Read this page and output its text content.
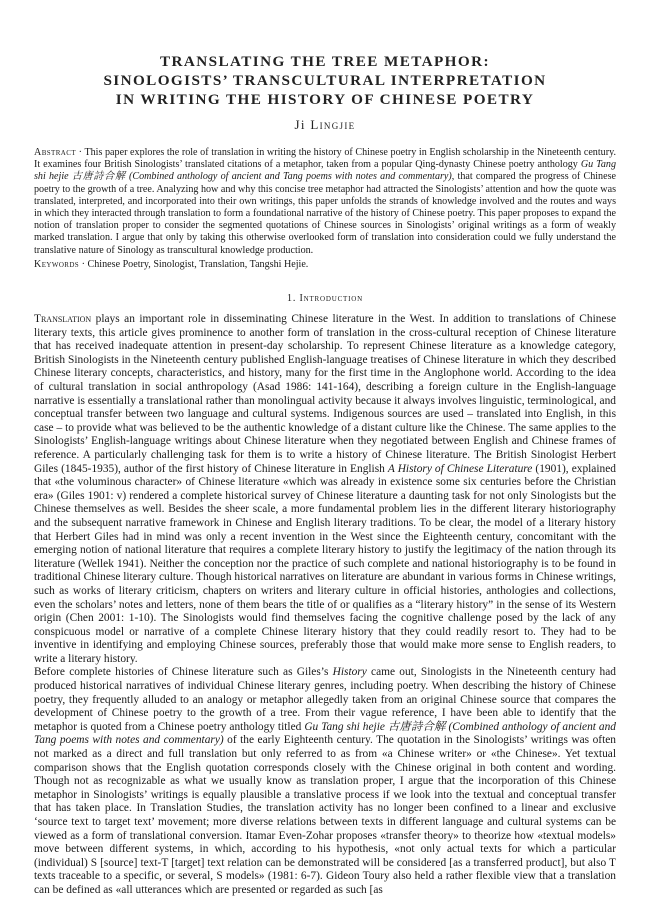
TRANSLATING THE TREE METAPHOR:
SINOLOGISTS’ TRANSCULTURAL INTERPRETATION
IN WRITING THE HISTORY OF CHINESE POETRY
Ji Lingjie

Abstract · This paper explores the role of translation in writing the history of Chinese poetry in English scholarship in the Nineteenth century. It examines four British Sinologists’ translated citations of a metaphor, taken from a popular Qing-dynasty Chinese poetry anthology Gu Tang shi hejie 古唐詩合解 (Combined anthology of ancient and Tang poems with notes and commentary), that compared the progress of Chinese poetry to the growth of a tree. Analyzing how and why this concise tree metaphor had attracted the Sinologists’ attention and how the quote was translated, interpreted, and incorporated into their own writings, this paper unfolds the strands of knowledge involved and the routes and ways in which they interacted through translation to form a foundational narrative of the history of Chinese poetry. This paper proposes to expand the notion of translation proper to consider the segmented quotations of Chinese sources in Sinologists’ original writings as a form of weakly marked translation. I argue that only by taking this otherwise overlooked form of translation into consideration could we fully understand the translative nature of Sinology as transcultural knowledge production.

Keywords · Chinese Poetry, Sinologist, Translation, Tangshi Hejie.

1. Introduction

Translation plays an important role in disseminating Chinese literature in the West. In addition to translations of Chinese literary texts, this article gives prominence to another form of translation in the cross-cultural reception of Chinese literature that has received inadequate attention in present-day scholarship. To represent Chinese literature as a knowledge category, British Sinologists in the Nineteenth century published English-language treatises of Chinese literature in which they described Chinese literary concepts, characteristics, and history, many for the first time in the Anglophone world. According to the idea of cultural translation in social anthropology (Asad 1986: 141-164), describing a foreign culture in the English-language narrative is essentially a translational rather than monolingual activity because it always involves linguistic, terminological, and conceptual transfer between two language and cultural systems. Indigenous sources are used – translated into English, in this case – to provide what was believed to be the authentic knowledge of a distant culture like the Chinese. The same applies to the Sinologists’ English-language writings about Chinese literature when they negotiated between English and Chinese frames of reference. A particularly challenging task for them is to write a history of Chinese literature. The British Sinologist Herbert Giles (1845-1935), author of the first history of Chinese literature in English A History of Chinese Literature (1901), explained that «the voluminous character» of Chinese literature «which was already in existence some six centuries before the Christian era» (Giles 1901: v) rendered a complete historical survey of Chinese literature a daunting task for not only Sinologists but the Chinese themselves as well. Besides the sheer scale, a more fundamental problem lies in the different literary historiography and the subsequent narrative framework in Chinese and English literary traditions. To be clear, the model of a literary history that Herbert Giles had in mind was only a recent invention in the West since the Eighteenth century, concomitant with the emerging notion of national literature that requires a complete literary history to justify the legitimacy of the nation through its literature (Wellek 1941). Neither the conception nor the practice of such complete and national historiography is to be found in traditional Chinese literary culture. Though historical narratives on literature are abundant in various forms in Chinese writings, such as works of literary criticism, chapters on writers and literary culture in official histories, anthologies and collections, even the scholars’ notes and letters, none of them bears the title of or qualifies as a “literary history” in the sense of its Western origin (Chen 2001: 1-10). The Sinologists would find themselves facing the cognitive challenge posed by the lack of any conspicuous model or narrative of a complete Chinese literary history that they could readily resort to. They had to be inventive in identifying and employing Chinese sources, preferably those that would make more sense to English readers, to write a literary history.

Before complete histories of Chinese literature such as Giles’s History came out, Sinologists in the Nineteenth century had produced historical narratives of individual Chinese literary genres, including poetry. When describing the history of Chinese poetry, they frequently alluded to an analogy or metaphor allegedly taken from an original Chinese source that compares the development of Chinese poetry to the growth of a tree. From their vague reference, I have been able to identify that the metaphor is quoted from a Chinese poetry anthology titled Gu Tang shi hejie 古唐詩合解 (Combined anthology of ancient and Tang poems with notes and commentary) of the early Eighteenth century. The quotation in the Sinologists’ writings was often not marked as a direct and full translation but only referred to as from «a Chinese writer» or «the Chinese». Yet textual comparison shows that the English quotation corresponds closely with the Chinese original in both content and wording. Though not as recognizable as what we usually know as translation proper, I argue that the incorporation of this Chinese metaphor in Sinologists’ writings is equally plausible a translative process if we look into the textual and conceptual transfer that has taken place. In Translation Studies, the translation activity has no longer been confined to a linear and exclusive ‘source text to target text’ movement; more diverse relations between texts in different language and cultural systems can be viewed as a form of translational conversion. Itamar Even-Zohar proposes «transfer theory» to theorize how «textual models» move between different systems, in which, according to his hypothesis, «not only actual texts for which a particular (individual) S [source] text-T [target] text relation can be demonstrated will be considered [as a transferred product], but also T texts traceable to a specific, or several, S models» (1981: 6-7). Gideon Toury also held a rather flexible view that a translation can be defined as «all utterances which are presented or regarded as such [as
